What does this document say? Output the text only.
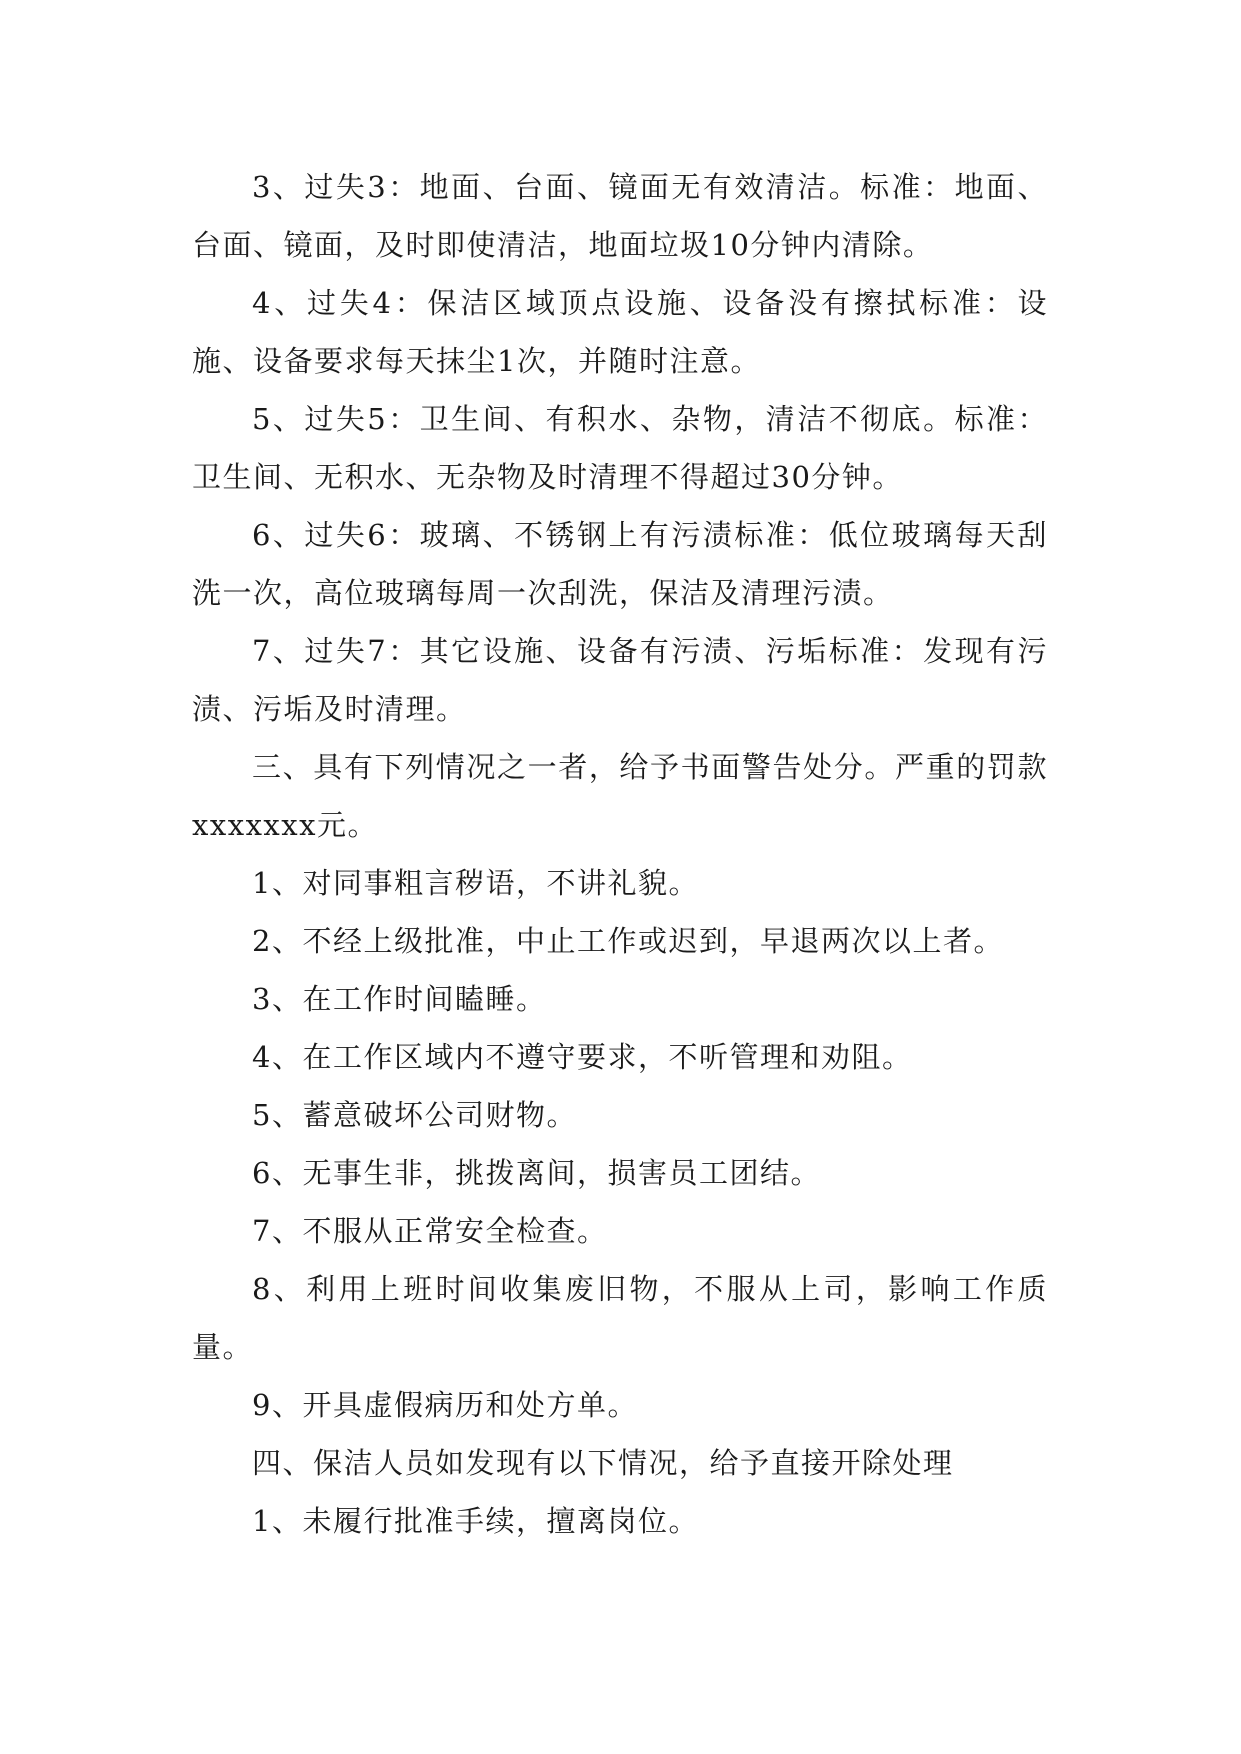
3、过失3：地面、台面、镜面无有效清洁。标准：地面、台面、镜面，及时即使清洁，地面垃圾10分钟内清除。

4、过失4：保洁区域顶点设施、设备没有擦拭标准：设施、设备要求每天抹尘1次，并随时注意。

5、过失5：卫生间、有积水、杂物，清洁不彻底。标准：卫生间、无积水、无杂物及时清理不得超过30分钟。

6、过失6：玻璃、不锈钢上有污渍标准：低位玻璃每天刮洗一次，高位玻璃每周一次刮洗，保洁及清理污渍。

7、过失7：其它设施、设备有污渍、污垢标准：发现有污渍、污垢及时清理。

三、具有下列情况之一者，给予书面警告处分。严重的罚款xxxxxxx元。

1、对同事粗言秽语，不讲礼貌。

2、不经上级批准，中止工作或迟到，早退两次以上者。

3、在工作时间瞌睡。

4、在工作区域内不遵守要求，不听管理和劝阻。

5、蓄意破坏公司财物。

6、无事生非，挑拨离间，损害员工团结。

7、不服从正常安全检查。

8、利用上班时间收集废旧物，不服从上司，影响工作质量。

9、开具虚假病历和处方单。

四、保洁人员如发现有以下情况，给予直接开除处理

1、未履行批准手续，擅离岗位。
